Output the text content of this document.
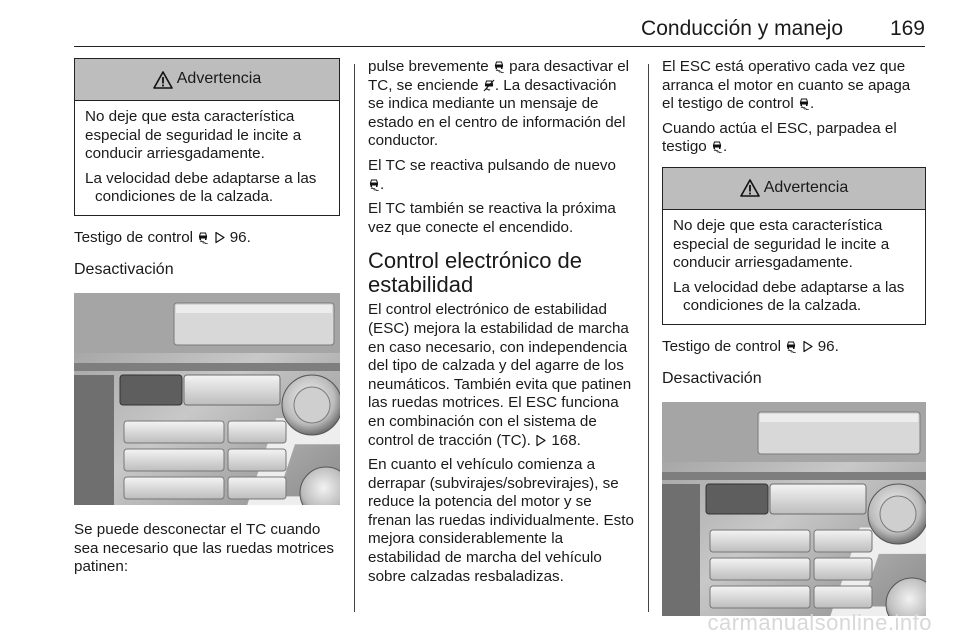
Conducción y manejo 169
Advertencia

No deje que esta característica especial de seguridad le incite a conducir arriesgadamente.

La velocidad debe adaptarse a las condiciones de la calzada.

Testigo de control   96.

Desactivación

Se puede desconectar el TC cuando sea necesario que las ruedas motrices patinen:

pulse brevemente  para desactivar el TC, se enciende . La desactivación se indica mediante un mensaje de estado en el centro de información del conductor.

El TC se reactiva pulsando de nuevo
.

El TC también se reactiva la próxima vez que conecte el encendido.

Control electrónico de estabilidad

El control electrónico de estabilidad (ESC) mejora la estabilidad de marcha en caso necesario, con independencia del tipo de calzada y del agarre de los neumáticos. También evita que patinen las ruedas motrices. El ESC funciona en combinación con el sistema de control de tracción (TC).  168.

En cuanto el vehículo comienza a derrapar (subvirajes/sobrevirajes), se reduce la potencia del motor y se frenan las ruedas individualmente. Esto mejora considerablemente la estabilidad de marcha del vehículo sobre calzadas resbaladizas.

El ESC está operativo cada vez que arranca el motor en cuanto se apaga el testigo de control .

Cuando actúa el ESC, parpadea el testigo .

Advertencia

No deje que esta característica especial de seguridad le incite a conducir arriesgadamente.

La velocidad debe adaptarse a las condiciones de la calzada.

Testigo de control   96.

Desactivación
carmanualsonline.info
